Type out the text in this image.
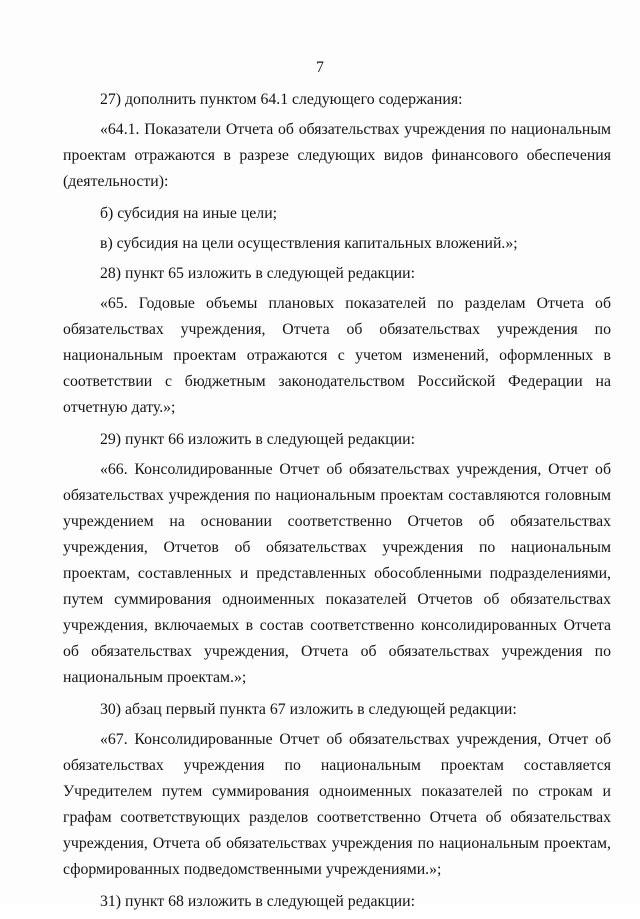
7

27) дополнить пунктом 64.1 следующего содержания:

«64.1. Показатели Отчета об обязательствах учреждения по национальным проектам отражаются в разрезе следующих видов финансового обеспечения (деятельности):

б) субсидия на иные цели;

в) субсидия на цели осуществления капитальных вложений.»;

28) пункт 65 изложить в следующей редакции:

«65. Годовые объемы плановых показателей по разделам Отчета об обязательствах учреждения, Отчета об обязательствах учреждения по национальным проектам отражаются с учетом изменений, оформленных в соответствии с бюджетным законодательством Российской Федерации на отчетную дату.»;

29) пункт 66 изложить в следующей редакции:

«66. Консолидированные Отчет об обязательствах учреждения, Отчет об обязательствах учреждения по национальным проектам составляются головным учреждением на основании соответственно Отчетов об обязательствах учреждения, Отчетов об обязательствах учреждения по национальным проектам, составленных и представленных обособленными подразделениями, путем суммирования одноименных показателей Отчетов об обязательствах учреждения, включаемых в состав соответственно консолидированных Отчета об обязательствах учреждения, Отчета об обязательствах учреждения по национальным проектам.»;

30) абзац первый пункта 67 изложить в следующей редакции:

«67. Консолидированные Отчет об обязательствах учреждения, Отчет об обязательствах учреждения по национальным проектам составляется Учредителем путем суммирования одноименных показателей по строкам и графам соответствующих разделов соответственно Отчета об обязательствах учреждения, Отчета об обязательствах учреждения по национальным проектам, сформированных подведомственными учреждениями.»;

31) пункт 68 изложить в следующей редакции:
